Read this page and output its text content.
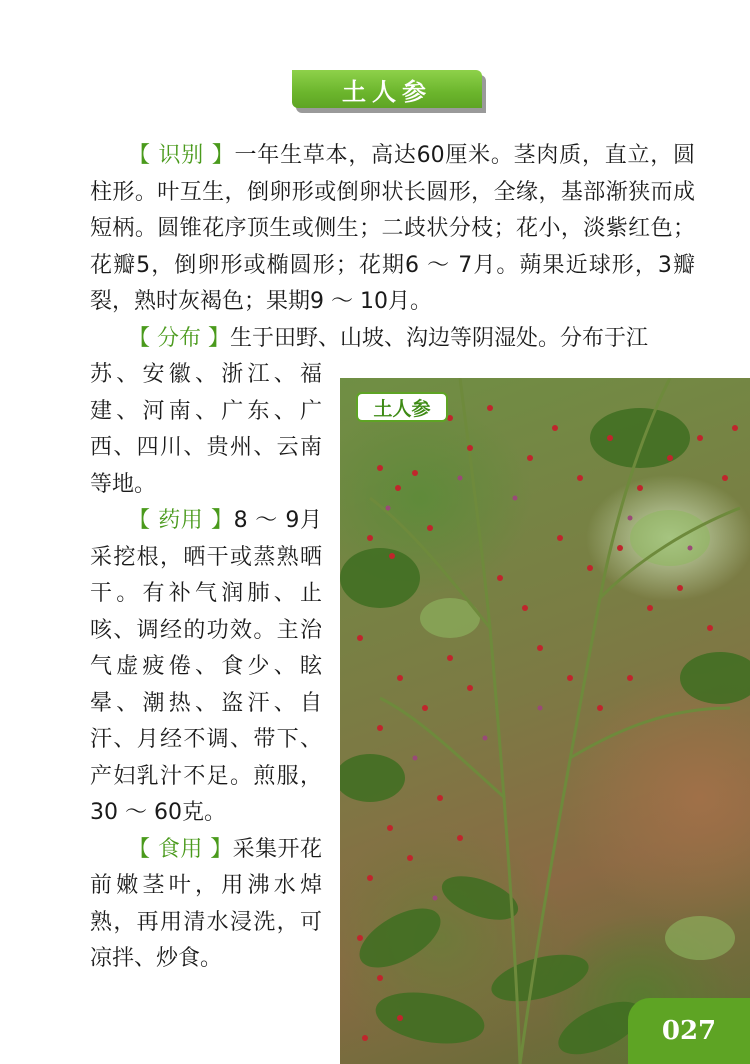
土人参

【 识别 】一年生草本，高达60厘米。茎肉质，直立，圆柱形。叶互生，倒卵形或倒卵状长圆形，全缘，基部渐狭而成短柄。圆锥花序顶生或侧生；二歧状分枝；花小，淡紫红色；花瓣5，倒卵形或椭圆形；花期6 ～ 7月。蒴果近球形，3瓣裂，熟时灰褐色；果期9 ～ 10月。

【 分布 】生于田野、山坡、沟边等阴湿处。分布于江

苏、安徽、浙江、福建、河南、广东、广西、四川、贵州、云南等地。

【 药用 】8 ～ 9月采挖根，晒干或蒸熟晒干。有补气润肺、止咳、调经的功效。主治气虚疲倦、食少、眩晕、潮热、盗汗、自汗、月经不调、带下、产妇乳汁不足。煎服，30 ～ 60克。

【 食用 】采集开花前嫩茎叶，用沸水焯熟，再用清水浸洗，可凉拌、炒食。

土人参
027
